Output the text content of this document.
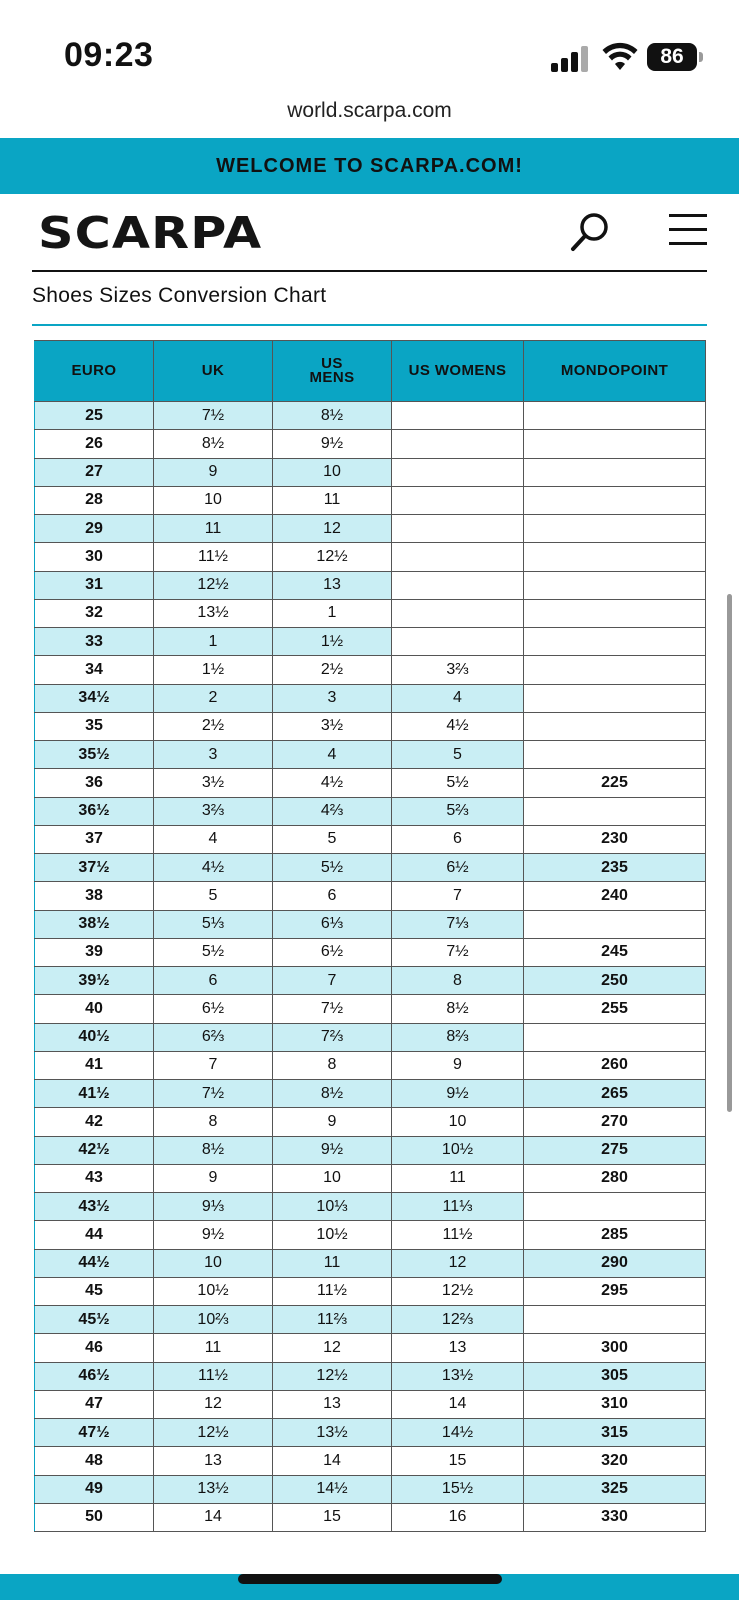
09:23	86
world.scarpa.com
WELCOME TO SCARPA.COM!
SCARPA
Shoes Sizes Conversion Chart
EURO	UK	US MENS	US WOMENS	MONDOPOINT
25	7½	8½		
26	8½	9½		
27	9	10		
28	10	11		
29	11	12		
30	11½	12½		
31	12½	13		
32	13½	1		
33	1	1½		
34	1½	2½	3⅔	
34½	2	3	4	
35	2½	3½	4½	
35½	3	4	5	
36	3½	4½	5½	225
36½	3⅔	4⅔	5⅔	
37	4	5	6	230
37½	4½	5½	6½	235
38	5	6	7	240
38½	5⅓	6⅓	7⅓	
39	5½	6½	7½	245
39½	6	7	8	250
40	6½	7½	8½	255
40½	6⅔	7⅔	8⅔	
41	7	8	9	260
41½	7½	8½	9½	265
42	8	9	10	270
42½	8½	9½	10½	275
43	9	10	11	280
43½	9⅓	10⅓	11⅓	
44	9½	10½	11½	285
44½	10	11	12	290
45	10½	11½	12½	295
45½	10⅔	11⅔	12⅔	
46	11	12	13	300
46½	11½	12½	13½	305
47	12	13	14	310
47½	12½	13½	14½	315
48	13	14	15	320
49	13½	14½	15½	325
50	14	15	16	330
